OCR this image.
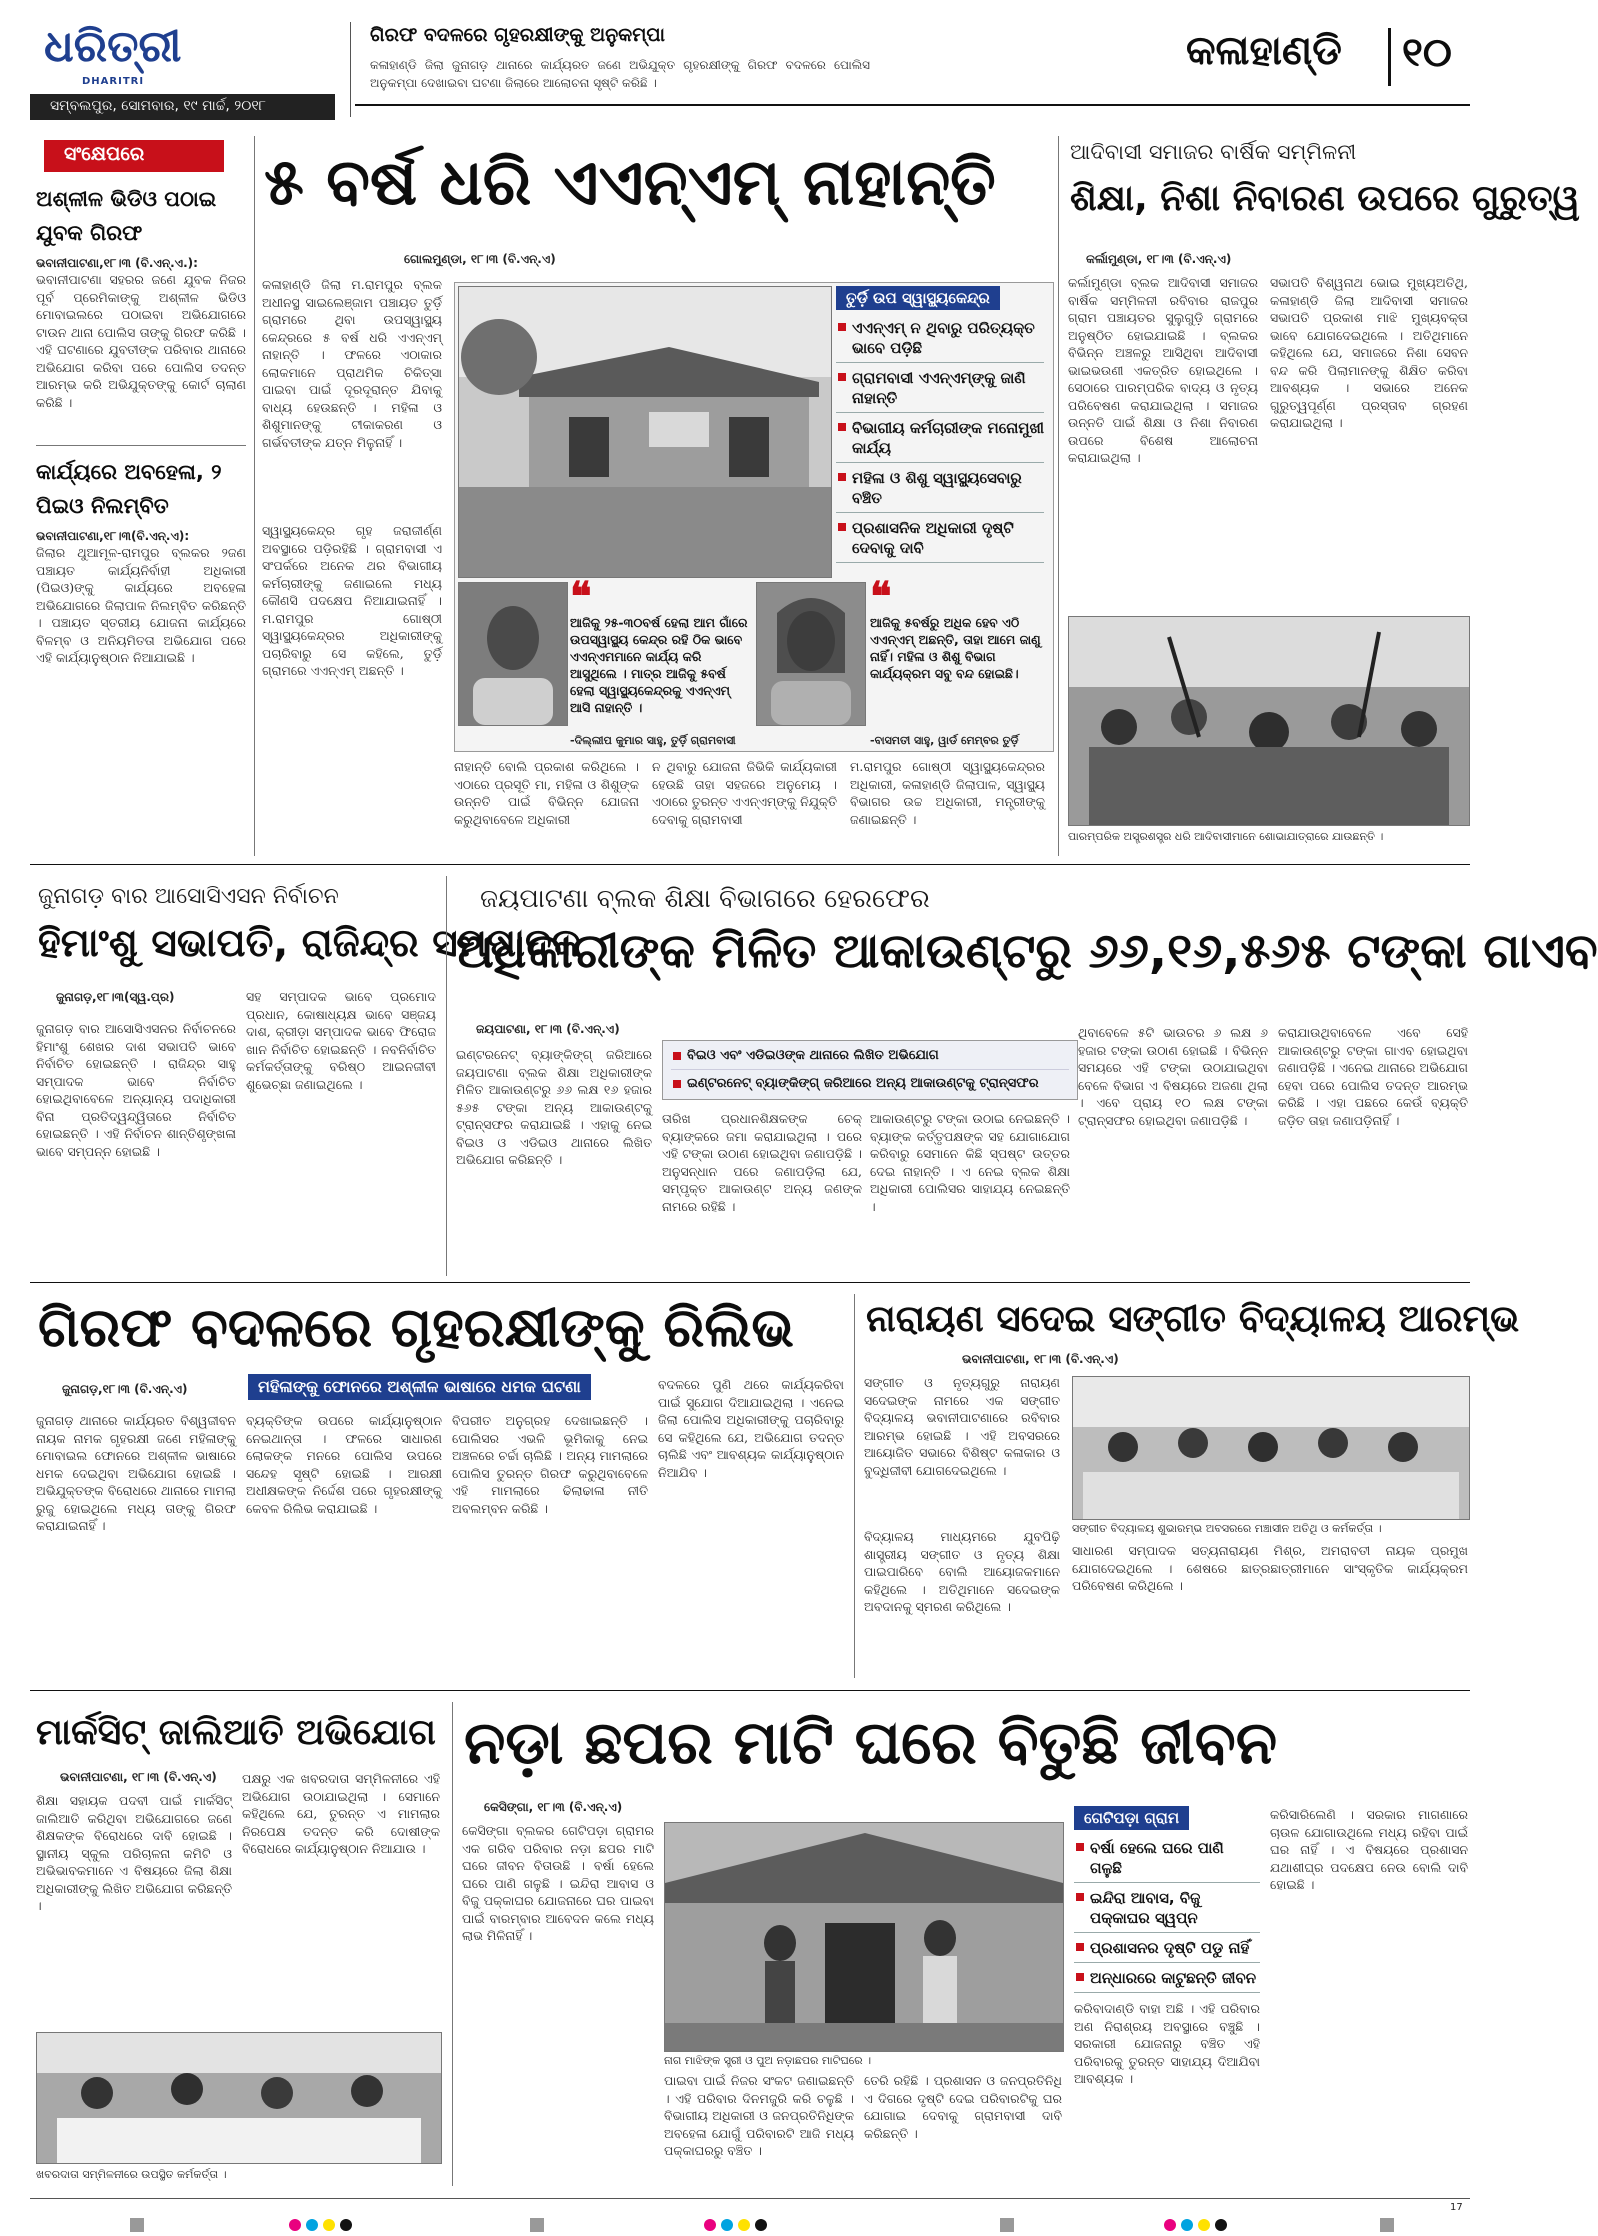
ଧରିତ୍ରୀ
DHARITRI
ସମ୍ବଲପୁର, ସୋମବାର, ୧୯ ମାର୍ଚ୍ଚ, ୨୦୧୮
ଗିରଫ ବଦଳରେ ଗୃହରକ୍ଷୀଙ୍କୁ ଅନୁକମ୍ପା
କଳାହାଣ୍ଡି ଜିଲା ଜୁନାଗଡ଼ ଥାନାରେ କାର୍ଯ୍ୟରତ ଜଣେ ଅଭିଯୁକ୍ତ ଗୃହରକ୍ଷୀଙ୍କୁ ଗିରଫ ବଦଳରେ ପୋଲିସ ଅନୁକମ୍ପା ଦେଖାଇବା ଘଟଣା ଜିଲାରେ ଆଲୋଚନା ସୃଷ୍ଟି କରିଛି ।
କଳାହାଣ୍ଡି ୧୦
ସଂକ୍ଷେପରେ
ଅଶ୍ଳୀଳ ଭିଡିଓ ପଠାଇ ଯୁବକ ଗିରଫ
ଭବାନୀପାଟଣା,୧୮।୩ (ବି.ଏନ୍.ଏ.):
ଭବାନୀପାଟଣା ସହରର ଜଣେ ଯୁବକ ନିଜର ପୂର୍ବ ପ୍ରେମିକାଙ୍କୁ ଅଶ୍ଳୀଳ ଭିଡିଓ ମୋବାଇଲରେ ପଠାଇବା ଅଭିଯୋଗରେ ଟାଉନ ଥାନା ପୋଲିସ ତାଙ୍କୁ ଗିରଫ କରିଛି । ଏହି ଘଟଣାରେ ଯୁବତୀଙ୍କ ପରିବାର ଥାନାରେ ଅଭିଯୋଗ କରିବା ପରେ ପୋଲିସ ତଦନ୍ତ ଆରମ୍ଭ କରି ଅଭିଯୁକ୍ତଙ୍କୁ କୋର୍ଟ ଚାଲାଣ କରିଛି ।
କାର୍ଯ୍ୟରେ ଅବହେଳା, ୨ ପିଇଓ ନିଲମ୍ବିତ
ଭବାନୀପାଟଣା,୧୮।୩(ବି.ଏନ୍.ଏ):
ଜିଲାର ଥୁଆମୂଳ-ରାମପୁର ବ୍ଲକର ୨ଜଣ ପଞ୍ଚାୟତ କାର୍ଯ୍ୟନିର୍ବାହୀ ଅଧିକାରୀ (ପିଇଓ)ଙ୍କୁ କାର୍ଯ୍ୟରେ ଅବହେଳା ଅଭିଯୋଗରେ ଜିଲାପାଳ ନିଲମ୍ବିତ କରିଛନ୍ତି । ପଞ୍ଚାୟତ ସ୍ତରୀୟ ଯୋଜନା କାର୍ଯ୍ୟରେ ବିଳମ୍ବ ଓ ଅନିୟମିତତା ଅଭିଯୋଗ ପରେ ଏହି କାର୍ଯ୍ୟାନୁଷ୍ଠାନ ନିଆଯାଇଛି ।
୫ ବର୍ଷ ଧରି ଏଏନ୍‌ଏମ୍ ନାହାନ୍ତି
ଗୋଲମୁଣ୍ଡା, ୧୮।୩ (ବି.ଏନ୍.ଏ)
କଳାହାଣ୍ଡି ଜିଲା ମ.ରାମପୁର ବ୍ଲକ ଅଧୀନସ୍ଥ ସାଇଲେଞ୍ଜାମ ପଞ୍ଚାୟତ ତୁର୍ଡ଼ି ଗ୍ରାମରେ ଥିବା ଉପସ୍ୱାସ୍ଥ୍ୟ କେନ୍ଦ୍ରରେ ୫ ବର୍ଷ ଧରି ଏଏନ୍‌ଏମ୍ ନାହାନ୍ତି । ଫଳରେ ଏଠାକାର ଲୋକମାନେ ପ୍ରାଥମିକ ଚିକିତ୍ସା ପାଇବା ପାଇଁ ଦୂରଦୂରାନ୍ତ ଯିବାକୁ ବାଧ୍ୟ ହେଉଛନ୍ତି । ମହିଳା ଓ ଶିଶୁମାନଙ୍କୁ ଟୀକାକରଣ ଓ ଗର୍ଭବତୀଙ୍କ ଯତ୍ନ ମିଳୁନାହିଁ ।
ତୁର୍ଡ଼ି ଉପ ସ୍ୱାସ୍ଥ୍ୟକେନ୍ଦ୍ର
ଏଏନ୍‌ଏମ୍ ନ ଥିବାରୁ ପରିତ୍ୟକ୍ତ ଭାବେ ପଡ଼ିଛି
ଗ୍ରାମବାସୀ ଏଏନ୍‌ଏମ୍‌ଙ୍କୁ ଜାଣି ନାହାନ୍ତି
ବିଭାଗୀୟ କର୍ମଚାରୀଙ୍କ ମନୋମୁଖୀ କାର୍ଯ୍ୟ
ମହିଳା ଓ ଶିଶୁ ସ୍ୱାସ୍ଥ୍ୟସେବାରୁ ବଞ୍ଚିତ
ପ୍ରଶାସନିକ ଅଧିକାରୀ ଦୃଷ୍ଟି ଦେବାକୁ ଦାବି
❝
ଆଜିକୁ ୨୫-୩୦ବର୍ଷ ହେଲା ଆମ ଗାଁରେ ଉପସ୍ୱାସ୍ଥ୍ୟ କେନ୍ଦ୍ର ରହି ଠିକ ଭାବେ ଏଏନ୍‌ଏମମାନେ କାର୍ଯ୍ୟ କରି ଆସୁଥିଲେ । ମାତ୍ର ଆଜିକୁ ୫ବର୍ଷ ହେଲା ସ୍ୱାସ୍ଥ୍ୟକେନ୍ଦ୍ରକୁ ଏଏନ୍‌ଏମ୍ ଆସି ନାହାନ୍ତି ।
-ଦିଲ୍ଲୀପ କୁମାର ସାହୁ, ତୁର୍ଡ଼ି ଗ୍ରାମବାସୀ
❝
ଆଜିକୁ ୫ବର୍ଷରୁ ଅଧିକ ହେବ ଏଠି ଏଏନ୍‌ଏମ୍ ଅଛନ୍ତି, ତାହା ଆମେ ଜାଣୁ ନାହିଁ। ମହିଳା ଓ ଶିଶୁ ବିଭାଗ କାର୍ଯ୍ୟକ୍ରମ ସବୁ ବନ୍ଦ ହୋଇଛି।
-ବାସମତୀ ସାହୁ, ୱାର୍ଡ ମେମ୍ବର ତୁର୍ଡ଼ି
ସ୍ୱାସ୍ଥ୍ୟକେନ୍ଦ୍ର ଗୃହ ଜରାଜୀର୍ଣ୍ଣ ଅବସ୍ଥାରେ ପଡ଼ିରହିଛି । ଗ୍ରାମବାସୀ ଏ ସଂପର୍କରେ ଅନେକ ଥର ବିଭାଗୀୟ କର୍ମଚାରୀଙ୍କୁ ଜଣାଇଲେ ମଧ୍ୟ କୌଣସି ପଦକ୍ଷେପ ନିଆଯାଇନାହିଁ । ମ.ରାମପୁର ଗୋଷ୍ଠୀ ସ୍ୱାସ୍ଥ୍ୟକେନ୍ଦ୍ରର ଅଧିକାରୀଙ୍କୁ ପଚାରିବାରୁ ସେ କହିଲେ, ତୁର୍ଡ଼ି ଗ୍ରାମରେ ଏଏନ୍‌ଏମ୍ ଅଛନ୍ତି ।
ନାହାନ୍ତି ବୋଲି ପ୍ରକାଶ କରିଥିଲେ । ଏଠାରେ ପ୍ରସୂତି ମା, ମହିଳା ଓ ଶିଶୁଙ୍କ ଉନ୍ନତି ପାଇଁ ବିଭିନ୍ନ ଯୋଜନା କରୁଥିବାବେଳେ ଅଧିକାରୀ
ନ ଥିବାରୁ ଯୋଜନା ଜିଭିକି କାର୍ଯ୍ୟକାରୀ ହେଉଛି ତାହା ସହଜରେ ଅନୁମେୟ । ଏଠାରେ ତୁରନ୍ତ ଏଏନ୍‌ଏମ୍‌ଙ୍କୁ ନିଯୁକ୍ତି ଦେବାକୁ ଗ୍ରାମବାସୀ
ମ.ରାମପୁର ଗୋଷ୍ଠୀ ସ୍ୱାସ୍ଥ୍ୟକେନ୍ଦ୍ରର ଅଧିକାରୀ, କଳାହାଣ୍ଡି ଜିଲାପାଳ, ସ୍ୱାସ୍ଥ୍ୟ ବିଭାଗର ଉଚ୍ଚ ଅଧିକାରୀ, ମନ୍ତ୍ରୀଙ୍କୁ ଜଣାଇଛନ୍ତି ।
ଆଦିବାସୀ ସମାଜର ବାର୍ଷିକ ସମ୍ମିଳନୀ
ଶିକ୍ଷା, ନିଶା ନିବାରଣ ଉପରେ ଗୁରୁତ୍ୱ
କର୍ଲାମୁଣ୍ଡା, ୧୮।୩ (ବି.ଏନ୍.ଏ)
କର୍ଲାମୁଣ୍ଡା ବ୍ଲକ ଆଦିବାସୀ ସମାଜର ବାର୍ଷିକ ସମ୍ମିଳନୀ ରବିବାର ରାଜପୁର ଗ୍ରାମ ପଞ୍ଚାୟତର ସୁଲୁଗୁଡ଼ି ଗ୍ରାମରେ ଅନୁଷ୍ଠିତ ହୋଇଯାଇଛି । ବ୍ଲକର ବିଭିନ୍ନ ଅଞ୍ଚଳରୁ ଆସିଥିବା ଆଦିବାସୀ ଭାଇଭଉଣୀ ଏକତ୍ରିତ ହୋଇଥିଲେ । ସେଠାରେ ପାରମ୍ପରିକ ବାଦ୍ୟ ଓ ନୃତ୍ୟ ପରିବେଷଣ କରାଯାଇଥିଲା । ସମାଜର ଉନ୍ନତି ପାଇଁ ଶିକ୍ଷା ଓ ନିଶା ନିବାରଣ ଉପରେ ବିଶେଷ ଆଲୋଚନା କରାଯାଇଥିଲା ।
ସଭାପତି ବିଶ୍ୱନାଥ ଭୋଇ ମୁଖ୍ୟଅତିଥି, କଳାହାଣ୍ଡି ଜିଲା ଆଦିବାସୀ ସମାଜର ସଭାପତି ପ୍ରକାଶ ମାଝି ମୁଖ୍ୟବକ୍ତା ଭାବେ ଯୋଗଦେଇଥିଲେ । ଅତିଥିମାନେ କହିଥିଲେ ଯେ, ସମାଜରେ ନିଶା ସେବନ ବନ୍ଦ କରି ପିଲାମାନଙ୍କୁ ଶିକ୍ଷିତ କରିବା ଆବଶ୍ୟକ । ସଭାରେ ଅନେକ ଗୁରୁତ୍ୱପୂର୍ଣ୍ଣ ପ୍ରସ୍ତାବ ଗ୍ରହଣ କରାଯାଇଥିଲା ।
ପାରମ୍ପରିକ ଅସ୍ତ୍ରଶସ୍ତ୍ର ଧରି ଆଦିବାସୀମାନେ ଶୋଭାଯାତ୍ରାରେ ଯାଉଛନ୍ତି ।
ଜୁନାଗଡ଼ ବାର ଆସୋସିଏସନ ନିର୍ବାଚନ
ହିମାଂଶୁ ସଭାପତି, ରାଜିନ୍ଦ୍ର ସମ୍ପାଦକ
ଜୁନାଗଡ଼,୧୮।୩(ସ୍ୱ.ପ୍ର)
ଜୁନାଗଡ଼ ବାର ଆସୋସିଏସନର ନିର୍ବାଚନରେ ହିମାଂଶୁ ଶେଖର ଦାଶ ସଭାପତି ଭାବେ ନିର୍ବାଚିତ ହୋଇଛନ୍ତି । ରାଜିନ୍ଦ୍ର ସାହୁ ସମ୍ପାଦକ ଭାବେ ନିର୍ବାଚିତ ହୋଇଥିବାବେଳେ ଅନ୍ୟାନ୍ୟ ପଦାଧିକାରୀ ବିନା ପ୍ରତିଦ୍ୱନ୍ଦ୍ୱିତାରେ ନିର୍ବାଚିତ ହୋଇଛନ୍ତି । ଏହି ନିର୍ବାଚନ ଶାନ୍ତିଶୃଙ୍ଖଳା ଭାବେ ସମ୍ପନ୍ନ ହୋଇଛି ।
ସହ ସମ୍ପାଦକ ଭାବେ ପ୍ରମୋଦ ପ୍ରଧାନ, କୋଷାଧ୍ୟକ୍ଷ ଭାବେ ସଞ୍ଜୟ ଦାଶ, କ୍ରୀଡ଼ା ସମ୍ପାଦକ ଭାବେ ଫିରୋଜ ଖାନ ନିର୍ବାଚିତ ହୋଇଛନ୍ତି । ନବନିର୍ବାଚିତ କର୍ମକର୍ତ୍ତାଙ୍କୁ ବରିଷ୍ଠ ଆଇନଜୀବୀ ଶୁଭେଚ୍ଛା ଜଣାଇଥିଲେ ।
ଜୟପାଟଣା ବ୍ଲକ ଶିକ୍ଷା ବିଭାଗରେ ହେରଫେର
ଅଧିକାରୀଙ୍କ ମିଳିତ ଆକାଉଣ୍ଟରୁ ୬୬,୧୬,୫୬୫ ଟଙ୍କା ଗାଏବ
ଜୟପାଟଣା, ୧୮।୩ (ବି.ଏନ୍.ଏ)
ବିଇଓ ଏବଂ ଏଡିଇଓଙ୍କ ଥାନାରେ ଲିଖିତ ଅଭିଯୋଗ
ଇଣ୍ଟରନେଟ୍ ବ୍ୟାଙ୍କିଙ୍ଗ୍ ଜରିଆରେ ଅନ୍ୟ ଆକାଉଣ୍ଟକୁ ଟ୍ରାନ୍ସଫର
ଇଣ୍ଟରନେଟ୍ ବ୍ୟାଙ୍କିଙ୍ଗ୍ ଜରିଆରେ ଜୟପାଟଣା ବ୍ଲକ ଶିକ୍ଷା ଅଧିକାରୀଙ୍କ ମିଳିତ ଆକାଉଣ୍ଟରୁ ୬୬ ଲକ୍ଷ ୧୬ ହଜାର ୫୬୫ ଟଙ୍କା ଅନ୍ୟ ଆକାଉଣ୍ଟକୁ ଟ୍ରାନ୍ସଫର କରାଯାଇଛି । ଏହାକୁ ନେଇ ବିଇଓ ଓ ଏଡିଇଓ ଥାନାରେ ଲିଖିତ ଅଭିଯୋଗ କରିଛନ୍ତି ।
ତାରିଖ ପ୍ରଧାନଶିକ୍ଷକଙ୍କ ଚେକ୍ ବ୍ୟାଙ୍କରେ ଜମା କରାଯାଇଥିଲା । ପରେ ଏହି ଟଙ୍କା ଉଠାଣ ହୋଇଥିବା ଜଣାପଡ଼ିଛି । ଅନୁସନ୍ଧାନ ପରେ ଜଣାପଡ଼ିଲା ଯେ, ସମ୍ପୃକ୍ତ ଆକାଉଣ୍ଟ ଅନ୍ୟ ଜଣଙ୍କ ନାମରେ ରହିଛି ।
ଆକାଉଣ୍ଟରୁ ଟଙ୍କା ଉଠାଇ ନେଇଛନ୍ତି । ବ୍ୟାଙ୍କ କର୍ତ୍ତୃପକ୍ଷଙ୍କ ସହ ଯୋଗାଯୋଗ କରିବାରୁ ସେମାନେ କିଛି ସ୍ପଷ୍ଟ ଉତ୍ତର ଦେଇ ନାହାନ୍ତି । ଏ ନେଇ ବ୍ଲକ ଶିକ୍ଷା ଅଧିକାରୀ ପୋଲିସର ସାହାଯ୍ୟ ନେଇଛନ୍ତି ।
ଥିବାବେଳେ ୫ଟି ଭାଉଚର ୬ ଲକ୍ଷ ୬ ହଜାର ଟଙ୍କା ଉଠାଣ ହୋଇଛି । ବିଭିନ୍ନ ସମୟରେ ଏହି ଟଙ୍କା ଉଠାଯାଇଥିବା ବେଳେ ବିଭାଗ ଏ ବିଷୟରେ ଅଜଣା ଥିଲା । ଏବେ ପ୍ରାୟ ୧୦ ଲକ୍ଷ ଟଙ୍କା ଟ୍ରାନ୍ସଫର ହୋଇଥିବା ଜଣାପଡ଼ିଛି ।
କରାଯାଉଥିବାବେଳେ ଏବେ ସେହି ଆକାଉଣ୍ଟରୁ ଟଙ୍କା ଗାଏବ ହୋଇଥିବା ଜଣାପଡ଼ିଛି । ଏନେଇ ଥାନାରେ ଅଭିଯୋଗ ହେବା ପରେ ପୋଲିସ ତଦନ୍ତ ଆରମ୍ଭ କରିଛି । ଏହା ପଛରେ କେଉଁ ବ୍ୟକ୍ତି ଜଡ଼ିତ ତାହା ଜଣାପଡ଼ିନାହିଁ ।
ଗିରଫ ବଦଳରେ ଗୃହରକ୍ଷୀଙ୍କୁ ରିଲିଭ
ଜୁନାଗଡ଼,୧୮।୩ (ବି.ଏନ୍.ଏ)	ମହିଳାଙ୍କୁ ଫୋନରେ ଅଶ୍ଳୀଳ ଭାଷାରେ ଧମକ ଘଟଣା
ଜୁନାଗଡ଼ ଥାନାରେ କାର୍ଯ୍ୟରତ ବିଶ୍ୱଜୀବନ ନାୟକ ନାମକ ଗୃହରକ୍ଷୀ ଜଣେ ମହିଳାଙ୍କୁ ମୋବାଇଲ ଫୋନରେ ଅଶ୍ଳୀଳ ଭାଷାରେ ଧମକ ଦେଇଥିବା ଅଭିଯୋଗ ହୋଇଛି । ଅଭିଯୁକ୍ତଙ୍କ ବିରୋଧରେ ଥାନାରେ ମାମଲା ରୁଜୁ ହୋଇଥିଲେ ମଧ୍ୟ ତାଙ୍କୁ ଗିରଫ କରାଯାଇନାହିଁ ।
ବ୍ୟକ୍ତିଙ୍କ ଉପରେ କାର୍ଯ୍ୟାନୁଷ୍ଠାନ ନେଇଥାନ୍ତା । ଫଳରେ ସାଧାରଣ ଲୋକଙ୍କ ମନରେ ପୋଲିସ ଉପରେ ସନ୍ଦେହ ସୃଷ୍ଟି ହୋଇଛି । ଆରକ୍ଷୀ ଅଧୀକ୍ଷକଙ୍କ ନିର୍ଦ୍ଦେଶ ପରେ ଗୃହରକ୍ଷୀଙ୍କୁ କେବଳ ରିଲିଭ କରାଯାଇଛି ।
ବିପରୀତ ଅନୁଗ୍ରହ ଦେଖାଇଛନ୍ତି । ପୋଲିସର ଏଭଳି ଭୂମିକାକୁ ନେଇ ଅଞ୍ଚଳରେ ଚର୍ଚ୍ଚା ଚାଲିଛି । ଅନ୍ୟ ମାମଲାରେ ପୋଲିସ ତୁରନ୍ତ ଗିରଫ କରୁଥିବାବେଳେ ଏହି ମାମଲାରେ ଢିଲାଢାଳା ନୀତି ଅବଲମ୍ବନ କରିଛି ।
ବଦଳରେ ପୁଣି ଥରେ କାର୍ଯ୍ୟକରିବା ପାଇଁ ସୁଯୋଗ ଦିଆଯାଇଥିଲା । ଏନେଇ ଜିଲା ପୋଲିସ ଅଧିକାରୀଙ୍କୁ ପଚାରିବାରୁ ସେ କହିଥିଲେ ଯେ, ଅଭିଯୋଗ ତଦନ୍ତ ଚାଲିଛି ଏବଂ ଆବଶ୍ୟକ କାର୍ଯ୍ୟାନୁଷ୍ଠାନ ନିଆଯିବ ।
ନାରାୟଣ ସଦେଇ ସଙ୍ଗୀତ ବିଦ୍ୟାଳୟ ଆରମ୍ଭ
ଭବାନୀପାଟଣା, ୧୮।୩ (ବି.ଏନ୍.ଏ)
ସଙ୍ଗୀତ ଓ ନୃତ୍ୟଗୁରୁ ନାରାୟଣ ସଦେଇଙ୍କ ନାମରେ ଏକ ସଙ୍ଗୀତ ବିଦ୍ୟାଳୟ ଭବାନୀପାଟଣାରେ ରବିବାର ଆରମ୍ଭ ହୋଇଛି । ଏହି ଅବସରରେ ଆୟୋଜିତ ସଭାରେ ବିଶିଷ୍ଟ କଳାକାର ଓ ବୁଦ୍ଧିଜୀବୀ ଯୋଗଦେଇଥିଲେ ।
ବିଦ୍ୟାଳୟ ମାଧ୍ୟମରେ ଯୁବପିଢ଼ି ଶାସ୍ତ୍ରୀୟ ସଙ୍ଗୀତ ଓ ନୃତ୍ୟ ଶିକ୍ଷା ପାଇପାରିବେ ବୋଲି ଆୟୋଜକମାନେ କହିଥିଲେ । ଅତିଥିମାନେ ସଦେଇଙ୍କ ଅବଦାନକୁ ସ୍ମରଣ କରିଥିଲେ ।
ସଙ୍ଗୀତ ବିଦ୍ୟାଳୟ ଶୁଭାରମ୍ଭ ଅବସରରେ ମଞ୍ଚାସୀନ ଅତିଥି ଓ କର୍ମକର୍ତ୍ତା ।
ସାଧାରଣ ସମ୍ପାଦକ ସତ୍ୟନାରାୟଣ ମିଶ୍ର, ଅମରାବତୀ ନାୟକ ପ୍ରମୁଖ ଯୋଗଦେଇଥିଲେ । ଶେଷରେ ଛାତ୍ରଛାତ୍ରୀମାନେ ସାଂସ୍କୃତିକ କାର୍ଯ୍ୟକ୍ରମ ପରିବେଷଣ କରିଥିଲେ ।
ମାର୍କସିଟ୍ ଜାଲିଆତି ଅଭିଯୋଗ
ଭବାନୀପାଟଣା, ୧୮।୩ (ବି.ଏନ୍.ଏ)
ଶିକ୍ଷା ସହାୟକ ପଦବୀ ପାଇଁ ମାର୍କସିଟ୍ ଜାଲିଆତି କରିଥିବା ଅଭିଯୋଗରେ ଜଣେ ଶିକ୍ଷକଙ୍କ ବିରୋଧରେ ଦାବି ହୋଇଛି । ସ୍ଥାନୀୟ ସ୍କୁଲ ପରିଚାଳନା କମିଟି ଓ ଅଭିଭାବକମାନେ ଏ ବିଷୟରେ ଜିଲା ଶିକ୍ଷା ଅଧିକାରୀଙ୍କୁ ଲିଖିତ ଅଭିଯୋଗ କରିଛନ୍ତି ।
ପକ୍ଷରୁ ଏକ ଖବରଦାତା ସମ୍ମିଳନୀରେ ଏହି ଅଭିଯୋଗ ଉଠାଯାଇଥିଲା । ସେମାନେ କହିଥିଲେ ଯେ, ତୁରନ୍ତ ଏ ମାମଲାର ନିରପେକ୍ଷ ତଦନ୍ତ କରି ଦୋଷୀଙ୍କ ବିରୋଧରେ କାର୍ଯ୍ୟାନୁଷ୍ଠାନ ନିଆଯାଉ ।
ଖବରଦାତା ସମ୍ମିଳନୀରେ ଉପସ୍ଥିତ କର୍ମକର୍ତ୍ତା ।
ନଡ଼ା ଛପର ମାଟି ଘରେ ବିତୁଛି ଜୀବନ
କେସିଙ୍ଗା, ୧୮।୩ (ବି.ଏନ୍.ଏ)
କେସିଙ୍ଗା ବ୍ଲକର ଗେଟିପଡ଼ା ଗ୍ରାମର ଏକ ଗରିବ ପରିବାର ନଡ଼ା ଛପର ମାଟି ଘରେ ଜୀବନ ବିତାଉଛି । ବର୍ଷା ହେଲେ ଘରେ ପାଣି ଗଳୁଛି । ଇନ୍ଦିରା ଆବାସ ଓ ବିଜୁ ପକ୍କାଘର ଯୋଜନାରେ ଘର ପାଇବା ପାଇଁ ବାରମ୍ବାର ଆବେଦନ କଲେ ମଧ୍ୟ ଲାଭ ମିଳିନାହିଁ ।
ନାଗ ମାଝିଙ୍କ ସ୍ତ୍ରୀ ଓ ପୁଅ ନଡ଼ାଛପର ମାଟିଘରେ ।
ପାଇବା ପାଇଁ ନିଜର ସଂକଟ ଜଣାଇଛନ୍ତି । ଏହି ପରିବାର ଦିନମଜୁରି କରି ଚଳୁଛି । ବିଭାଗୀୟ ଅଧିକାରୀ ଓ ଜନପ୍ରତିନିଧିଙ୍କ ଅବହେଳା ଯୋଗୁଁ ପରିବାରଟି ଆଜି ମଧ୍ୟ ପକ୍କାଘରରୁ ବଞ୍ଚିତ ।
ତେରି ରହିଛି । ପ୍ରଶାସନ ଓ ଜନପ୍ରତିନିଧି ଏ ଦିଗରେ ଦୃଷ୍ଟି ଦେଇ ପରିବାରଟିକୁ ଘର ଯୋଗାଇ ଦେବାକୁ ଗ୍ରାମବାସୀ ଦାବି କରିଛନ୍ତି ।
ଗେଟିପଡ଼ା ଗ୍ରାମ
ବର୍ଷା ହେଲେ ଘରେ ପାଣି ଗଳୁଛି
ଇନ୍ଦିରା ଆବାସ, ବିଜୁ ପକ୍କାଘର ସ୍ୱପ୍ନ
ପ୍ରଶାସନର ଦୃଷ୍ଟି ପଡୁ ନାହିଁ
ଅନ୍ଧାରରେ କାଟୁଛନ୍ତି ଜୀବନ
କରିବାଦାଣ୍ଡି ବାହା ଅଛି । ଏହି ପରିବାର ଅଣ ନିରାଶ୍ରୟ ଅବସ୍ଥାରେ ବଞ୍ଚୁଛି । ସରକାରୀ ଯୋଜନାରୁ ବଞ୍ଚିତ ଏହି ପରିବାରକୁ ତୁରନ୍ତ ସାହାଯ୍ୟ ଦିଆଯିବା ଆବଶ୍ୟକ ।
କରିସାରିଲେଣି । ସରକାର ମାଗଣାରେ ଚାଉଳ ଯୋଗାଉଥିଲେ ମଧ୍ୟ ରହିବା ପାଇଁ ଘର ନାହିଁ । ଏ ବିଷୟରେ ପ୍ରଶାସନ ଯଥାଶୀଘ୍ର ପଦକ୍ଷେପ ନେଉ ବୋଲି ଦାବି ହୋଇଛି ।
17
